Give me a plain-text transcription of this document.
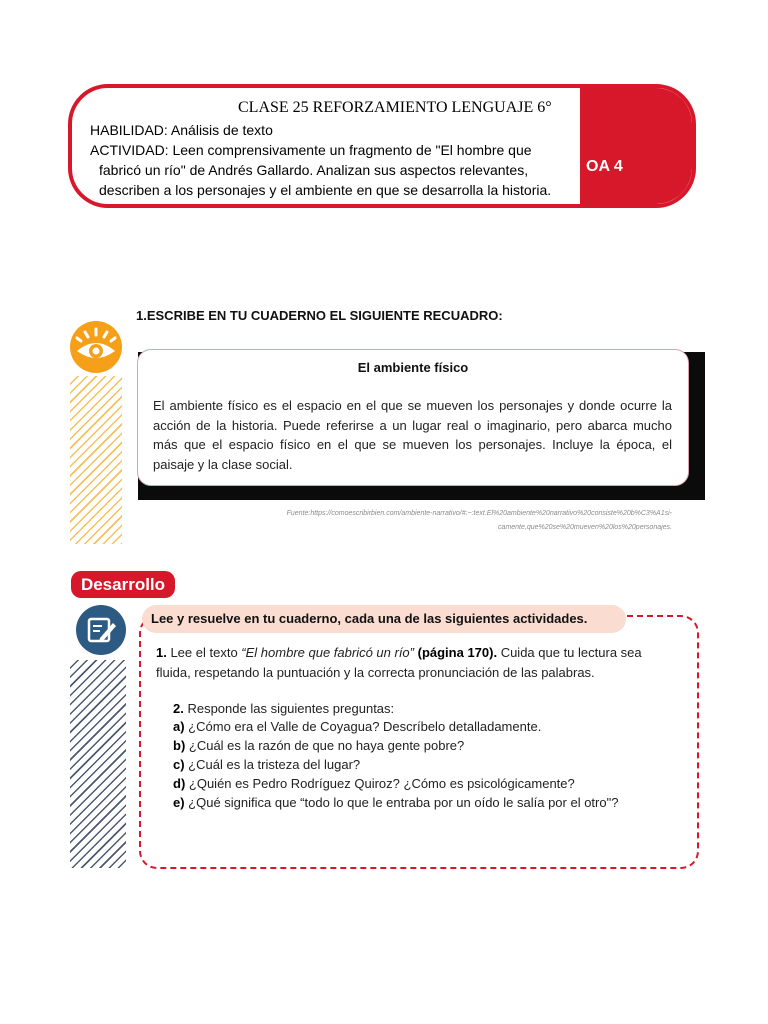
CLASE 25 REFORZAMIENTO LENGUAJE 6°
HABILIDAD: Análisis de texto
ACTIVIDAD: Leen comprensivamente un fragmento de "El hombre que
fabricó un río" de Andrés Gallardo. Analizan sus aspectos relevantes,
describen a los personajes y el ambiente en que se desarrolla la historia.
OA 4
1.ESCRIBE EN TU CUADERNO EL SIGUIENTE RECUADRO:
El ambiente físico
El ambiente físico es el espacio en el que se mueven los personajes y donde ocurre la acción de la historia. Puede referirse a un lugar real o imaginario, pero abarca mucho más que el espacio físico en el que se mueven los personajes. Incluye la época, el paisaje y la clase social.
Fuente:https://comoescribirbien.com/ambiente-narrativo/#:~:text.El%20ambiente%20narrativo%20consiste%20b%C3%A1si-
camente,que%20se%20mueven%20los%20personajes.
Desarrollo
Lee y resuelve en tu cuaderno, cada una de las siguientes actividades.
1. Lee el texto “El hombre que fabricó un río” (página 170). Cuida que tu lectura sea
fluida, respetando la puntuación y la correcta pronunciación de las palabras.
2. Responde las siguientes preguntas:
a) ¿Cómo era el Valle de Coyagua? Descríbelo detalladamente.
b) ¿Cuál es la razón de que no haya gente pobre?
c) ¿Cuál es la tristeza del lugar?
d) ¿Quién es Pedro Rodríguez Quiroz? ¿Cómo es psicológicamente?
e) ¿Qué significa que “todo lo que le entraba por un oído le salía por el otro"?
